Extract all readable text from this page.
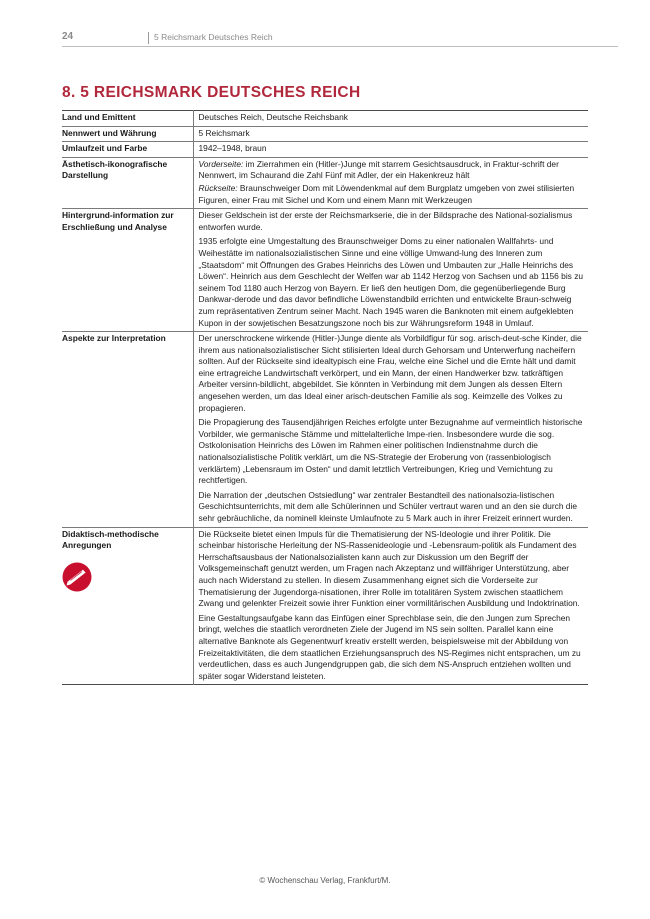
24	5 Reichsmark Deutsches Reich
8. 5 REICHSMARK DEUTSCHES REICH
Land und Emittent	Deutsches Reich, Deutsche Reichsbank
Nennwert und Währung	5 Reichsmark
Umlaufzeit und Farbe	1942–1948, braun
Ästhetisch-ikonografische Darstellung	Vorderseite: im Zierrahmen ein (Hitler-)Junge mit starrem Gesichtsausdruck, in Fraktur-schrift der Nennwert, im Schaurand die Zahl Fünf mit Adler, der ein Hakenkreuz hält

Rückseite: Braunschweiger Dom mit Löwendenkmal auf dem Burgplatz umgeben von zwei stilisierten Figuren, einer Frau mit Sichel und Korn und einem Mann mit Werkzeugen

Hintergrund-information zur Erschließung und Analyse	Dieser Geldschein ist der erste der Reichsmarkserie, die in der Bildsprache des National-sozialismus entworfen wurde.

1935 erfolgte eine Umgestaltung des Braunschweiger Doms zu einer nationalen Wallfahrts- und Weihestätte im nationalsozialistischen Sinne und eine völlige Umwand-lung des Inneren zum „Staatsdom“ mit Öffnungen des Grabes Heinrichs des Löwen und Umbauten zur „Halle Heinrichs des Löwen“. Heinrich aus dem Geschlecht der Welfen war ab 1142 Herzog von Sachsen und ab 1156 bis zu seinem Tod 1180 auch Herzog von Bayern. Er ließ den heutigen Dom, die gegenüberliegende Burg Dankwar-derode und das davor befindliche Löwenstandbild errichten und entwickelte Braun-schweig zum repräsentativen Zentrum seiner Macht. Nach 1945 waren die Banknoten mit einem aufgeklebten Kupon in der sowjetischen Besatzungszone noch bis zur Währungsreform 1948 in Umlauf.

Aspekte zur Interpretation	Der unerschrockene wirkende (Hitler-)Junge diente als Vorbildfigur für sog. arisch-deut-sche Kinder, die ihrem aus nationalsozialistischer Sicht stilisierten Ideal durch Gehorsam und Unterwerfung nacheifern sollten. Auf der Rückseite sind idealtypisch eine Frau, welche eine Sichel und die Ernte hält und damit eine ertragreiche Landwirtschaft verkörpert, und ein Mann, der einen Handwerker bzw. tatkräftigen Arbeiter versinn-bildlicht, abgebildet. Sie könnten in Verbindung mit dem Jungen als dessen Eltern angesehen werden, um das Ideal einer arisch-deutschen Familie als sog. Keimzelle des Volkes zu propagieren.

Die Propagierung des Tausendjährigen Reiches erfolgte unter Bezugnahme auf vermeintlich historische Vorbilder, wie germanische Stämme und mittelalterliche Impe-rien. Insbesondere wurde die sog. Ostkolonisation Heinrichs des Löwen im Rahmen einer politischen Indienstnahme durch die nationalsozialistische Politik verklärt, um die NS-Strategie der Eroberung von (rassenbiologisch verklärtem) „Lebensraum im Osten“ und damit letztlich Vertreibungen, Krieg und Vernichtung zu rechtfertigen.

Die Narration der „deutschen Ostsiedlung“ war zentraler Bestandteil des nationalsozia-listischen Geschichtsunterrichts, mit dem alle Schülerinnen und Schüler vertraut waren und an den sie durch die sehr gebräuchliche, da nominell kleinste Umlaufnote zu 5 Mark auch in ihrer Freizeit erinnert wurden.

Didaktisch-methodische Anregungen	Die Rückseite bietet einen Impuls für die Thematisierung der NS-Ideologie und ihrer Politik. Die scheinbar historische Herleitung der NS-Rassenideologie und -Lebensraum-politik als Fundament des Herrschaftsausbaus der Nationalsozialisten kann auch zur Diskussion um den Begriff der Volksgemeinschaft genutzt werden, um Fragen nach Akzeptanz und willfähriger Unterstützung, aber auch nach Widerstand zu stellen. In diesem Zusammenhang eignet sich die Vorderseite zur Thematisierung der Jugendorga-nisationen, ihrer Rolle im totalitären System zwischen staatlichem Zwang und gelenkter Freizeit sowie ihrer Funktion einer vormilitärischen Ausbildung und Indoktrination.

Eine Gestaltungsaufgabe kann das Einfügen einer Sprechblase sein, die den Jungen zum Sprechen bringt, welches die staatlich verordneten Ziele der Jugend im NS sein sollten. Parallel kann eine alternative Banknote als Gegenentwurf kreativ erstellt werden, beispielsweise mit der Abbildung von Freizeitaktivitäten, die dem staatlichen Erziehungsanspruch des NS-Regimes nicht entsprachen, um zu verdeutlichen, dass es auch Jungendgruppen gab, die sich dem NS-Anspruch entziehen wollten und später sogar Widerstand leisteten.

© Wochenschau Verlag, Frankfurt/M.
